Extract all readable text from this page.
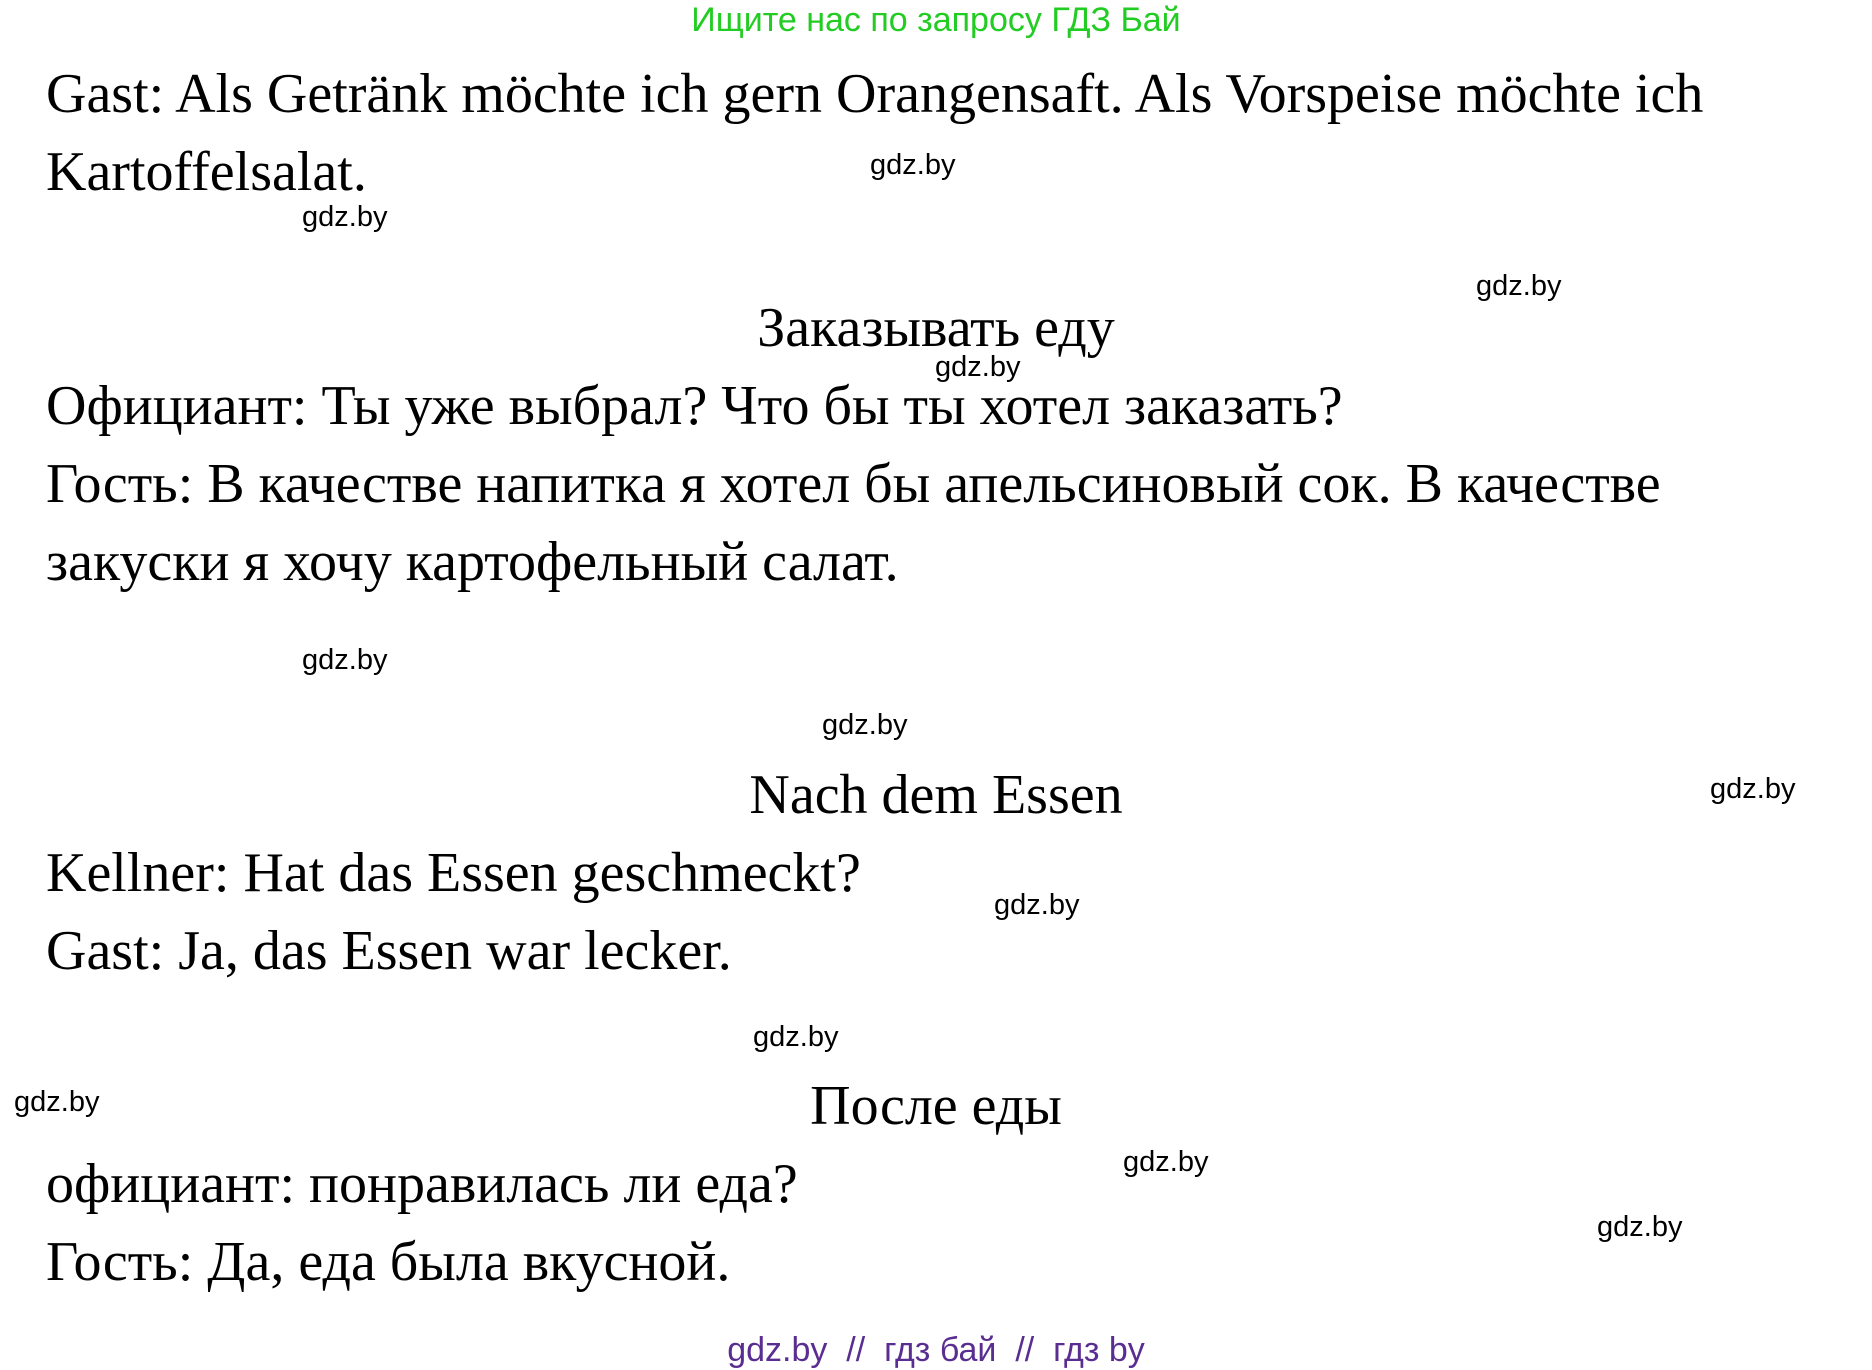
Ищите нас по запросу ГДЗ Бай
Gast: Als Getränk möchte ich gern Orangensaft. Als Vorspeise möchte ich
Kartoffelsalat.
Заказывать еду
Официант: Ты уже выбрал? Что бы ты хотел заказать?
Гость: В качестве напитка я хотел бы апельсиновый сок. В качестве
закуски я хочу картофельный салат.
Nach dem Essen
Kellner: Hat das Essen geschmeckt?
Gast: Ja, das Essen war lecker.
После еды
официант: понравилась ли еда?
Гость: Да, еда была вкусной.
gdz.by
gdz.by
gdz.by
gdz.by
gdz.by
gdz.by
gdz.by
gdz.by
gdz.by
gdz.by
gdz.by
gdz.by
gdz.by  //  гдз бай  //  гдз by
